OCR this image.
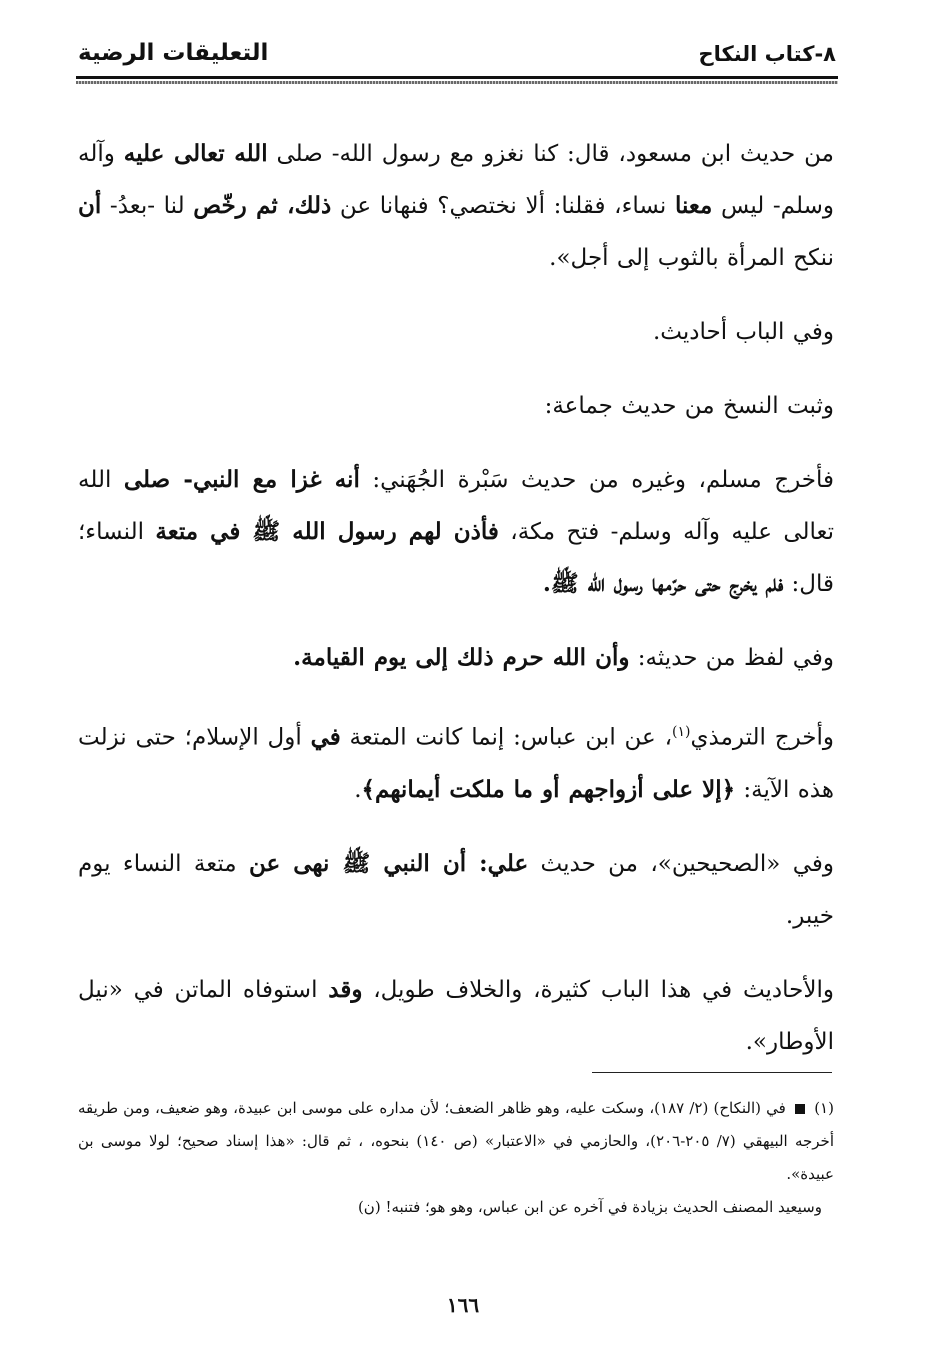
٨-كتاب النكاح
التعليقات الرضية

من حديث ابن مسعود، قال: كنا نغزو مع رسول الله- صلى الله تعالى عليه وآله وسلم- ليس معنا نساء، فقلنا: ألا نختصي؟ فنهانا عن ذلك، ثم رخّص لنا -بعدُ- أن ننكح المرأة بالثوب إلى أجل».

وفي الباب أحاديث.

وثبت النسخ من حديث جماعة:

فأخرج مسلم، وغيره من حديث سَبْرة الجُهَني: أنه غزا مع النبي- صلى الله تعالى عليه وآله وسلم- فتح مكة، فأذن لهم رسول الله ﷺ في متعة النساء؛ قال: فلم يخرج حتى حرّمها رسول الله ﷺ.

وفي لفظ من حديثه: وأن الله حرم ذلك إلى يوم القيامة.

وأخرج الترمذي$^{(١)}$، عن ابن عباس: إنما كانت المتعة في أول الإسلام؛ حتى نزلت هذه الآية: ﴿إلا على أزواجهم أو ما ملكت أيمانهم﴾.

وفي «الصحيحين»، من حديث علي: أن النبي ﷺ نهى عن متعة النساء يوم خيبر.

والأحاديث في هذا الباب كثيرة، والخلاف طويل، وقد استوفاه الماتن في «نيل الأوطار».

(١)  في (النكاح) (٢/ ١٨٧)، وسكت عليه، وهو ظاهر الضعف؛ لأن مداره على موسى ابن عبيدة، وهو ضعيف، ومن طريقه أخرجه البيهقي (٧/ ٢٠٥-٢٠٦)، والحازمي في «الاعتبار» (ص ١٤٠) بنحوه، ، ثم قال: «هذا إسناد صحيح؛ لولا موسى بن عبيدة».

وسيعيد المصنف الحديث بزيادة في آخره عن ابن عباس، وهو هو؛ فتنبه! (ن)

١٦٦
